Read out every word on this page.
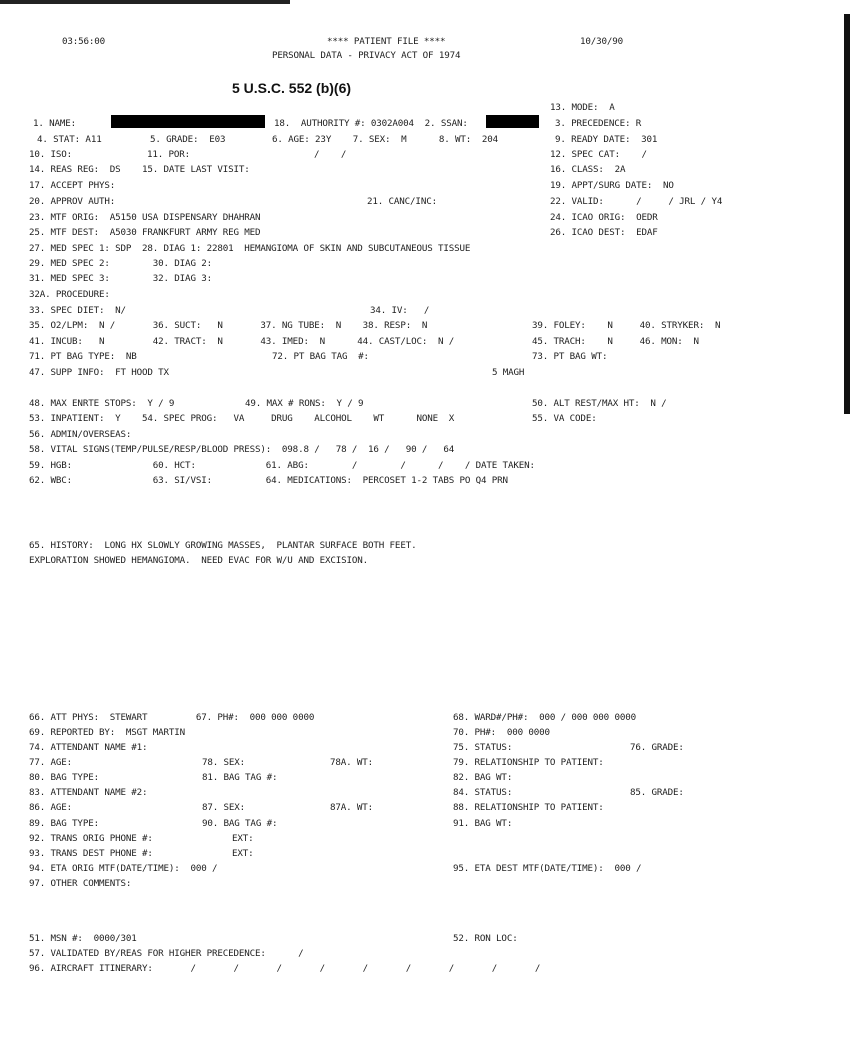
03:56:00	**** PATIENT FILE ****
PERSONAL DATA - PRIVACY ACT OF 1974
10/30/90
5 U.S.C. 552 (b)(6)
13. MODE:  A
1. NAME:	18.  AUTHORITY #: 0302A004  2. SSAN:	3. PRECEDENCE: R
4. STAT: A11	5. GRADE:  E03	6. AGE: 23Y    7. SEX:  M      8. WT:  204	9. READY DATE:  301
10. ISO:	11. POR:	/    /	12. SPEC CAT:    /
14. REAS REG:  DS    15. DATE LAST VISIT:	16. CLASS:  2A
17. ACCEPT PHYS:	19. APPT/SURG DATE:  NO
20. APPROV AUTH:	21. CANC/INC:	22. VALID:      /     / JRL / Y4
23. MTF ORIG:  A5150 USA DISPENSARY DHAHRAN	24. ICAO ORIG:  OEDR
25. MTF DEST:  A5030 FRANKFURT ARMY REG MED	26. ICAO DEST:  EDAF
27. MED SPEC 1: SDP  28. DIAG 1: 22801  HEMANGIOMA OF SKIN AND SUBCUTANEOUS TISSUE
29. MED SPEC 2:        30. DIAG 2:
31. MED SPEC 3:        32. DIAG 3:
32A. PROCEDURE:
33. SPEC DIET:  N/	34. IV:   /
35. O2/LPM:  N /       36. SUCT:   N       37. NG TUBE:  N    38. RESP:  N	39. FOLEY:    N     40. STRYKER:  N
41. INCUB:   N         42. TRACT:  N       43. IMED:  N      44. CAST/LOC:  N /	45. TRACH:    N     46. MON:  N
71. PT BAG TYPE:  NB	72. PT BAG TAG  #:	73. PT BAG WT:
47. SUPP INFO:  FT HOOD TX	5 MAGH
48. MAX ENRTE STOPS:  Y / 9	49. MAX # RONS:  Y / 9	50. ALT REST/MAX HT:  N /
53. INPATIENT:  Y    54. SPEC PROG:   VA     DRUG    ALCOHOL    WT      NONE  X	55. VA CODE:
56. ADMIN/OVERSEAS:
58. VITAL SIGNS(TEMP/PULSE/RESP/BLOOD PRESS):  098.8 /   78 /  16 /   90 /   64
59. HGB:               60. HCT:             61. ABG:        /        /      /    / DATE TAKEN:
62. WBC:               63. SI/VSI:          64. MEDICATIONS:  PERCOSET 1-2 TABS PO Q4 PRN
65. HISTORY:  LONG HX SLOWLY GROWING MASSES,  PLANTAR SURFACE BOTH FEET.
EXPLORATION SHOWED HEMANGIOMA.  NEED EVAC FOR W/U AND EXCISION.
66. ATT PHYS:  STEWART         67. PH#:  000 000 0000	68. WARD#/PH#:  000 / 000 000 0000
69. REPORTED BY:  MSGT MARTIN	70. PH#:  000 0000
74. ATTENDANT NAME #1:	75. STATUS:	76. GRADE:
77. AGE:	78. SEX:	78A. WT:	79. RELATIONSHIP TO PATIENT:
80. BAG TYPE:	81. BAG TAG #:	82. BAG WT:
83. ATTENDANT NAME #2:	84. STATUS:	85. GRADE:
86. AGE:	87. SEX:	87A. WT:	88. RELATIONSHIP TO PATIENT:
89. BAG TYPE:	90. BAG TAG #:	91. BAG WT:
92. TRANS ORIG PHONE #:	EXT:
93. TRANS DEST PHONE #:	EXT:
94. ETA ORIG MTF(DATE/TIME):  000 /	95. ETA DEST MTF(DATE/TIME):  000 /
97. OTHER COMMENTS:
51. MSN #:  0000/301	52. RON LOC:
57. VALIDATED BY/REAS FOR HIGHER PRECEDENCE:      /
96. AIRCRAFT ITINERARY:       /       /       /       /       /       /       /       /       /
